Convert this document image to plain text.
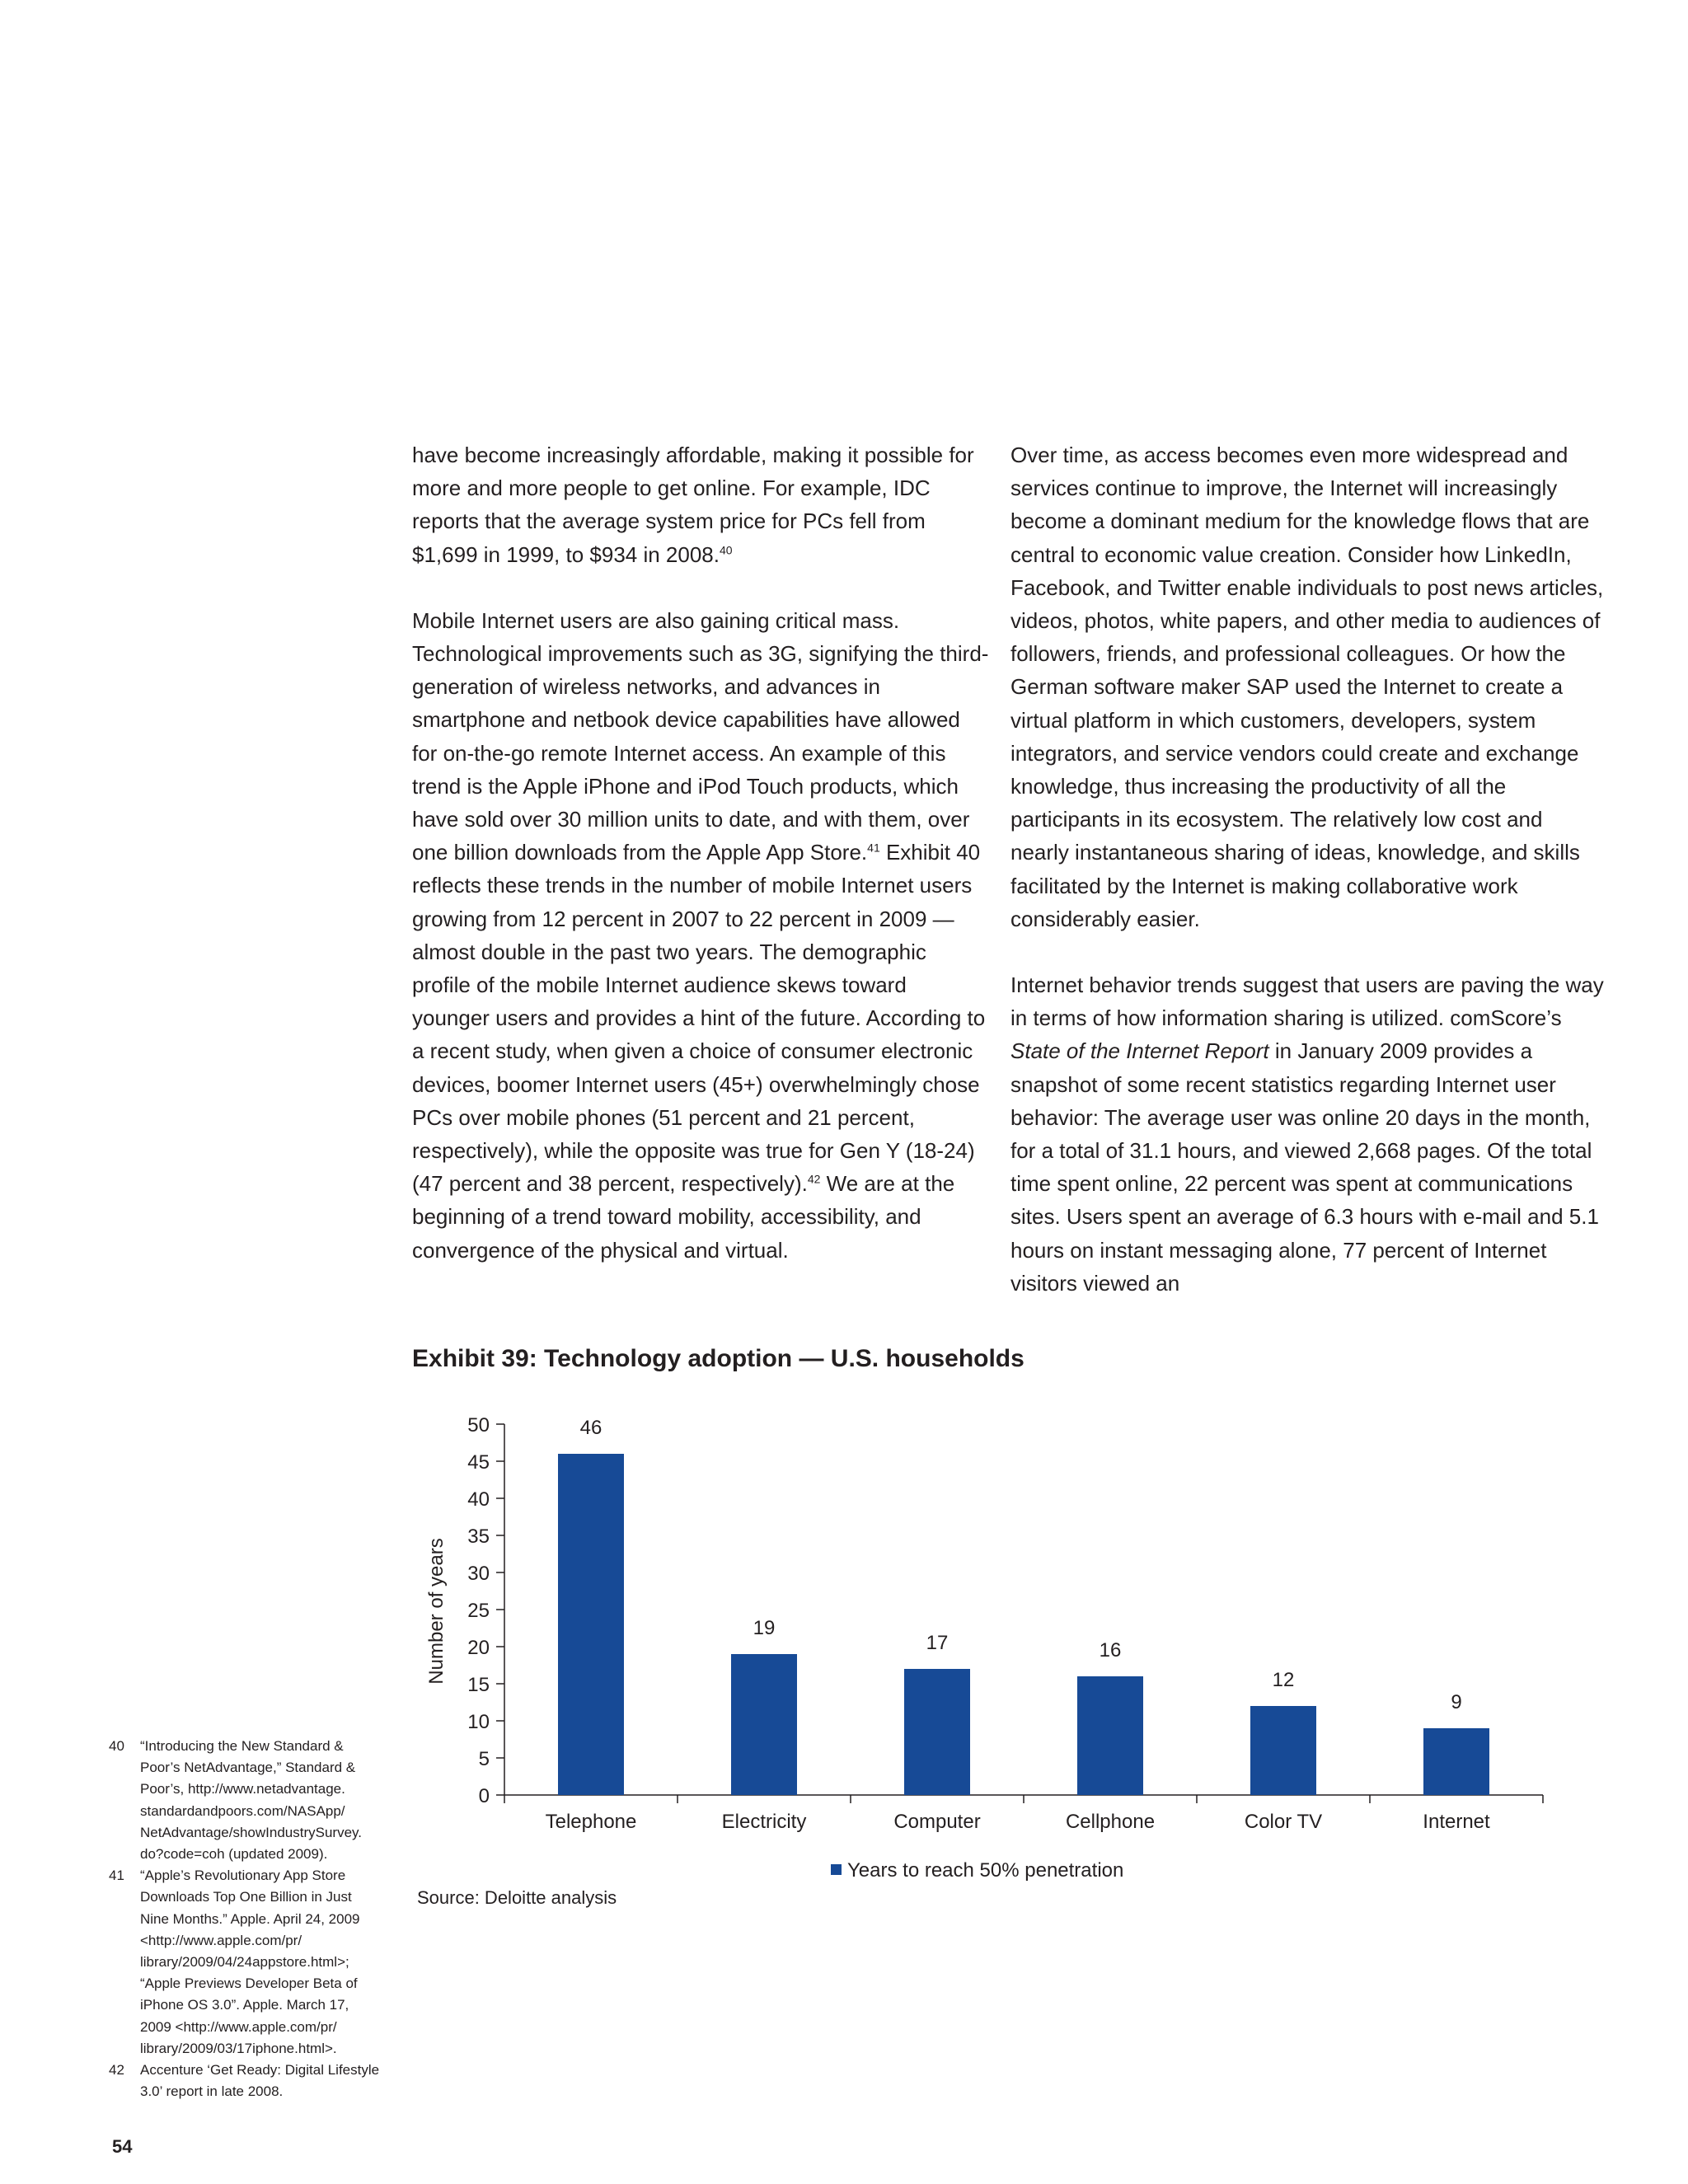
have become increasingly affordable, making it possible for more and more people to get online. For example, IDC reports that the average system price for PCs fell from $1,699 in 1999, to $934 in 2008.40

Mobile Internet users are also gaining critical mass. Technological improvements such as 3G, signifying the third-generation of wireless networks, and advances in smartphone and netbook device capabilities have allowed for on-the-go remote Internet access. An example of this trend is the Apple iPhone and iPod Touch products, which have sold over 30 million units to date, and with them, over one billion downloads from the Apple App Store.$^{41}$ Exhibit 40 reflects these trends in the number of mobile Internet users growing from 12 percent in 2007 to 22 percent in 2009 — almost double in the past two years. The demographic profile of the mobile Internet audience skews toward younger users and provides a hint of the future. According to a recent study, when given a choice of consumer electronic devices, boomer Internet users (45+) overwhelmingly chose PCs over mobile phones (51 percent and 21 percent, respectively), while the opposite was true for Gen Y (18-24) (47 percent and 38 percent, respectively).$^{42}$ We are at the beginning of a trend toward mobility, accessibility, and convergence of the physical and virtual.

Over time, as access becomes even more widespread and services continue to improve, the Internet will increasingly become a dominant medium for the knowledge flows that are central to economic value creation. Consider how LinkedIn, Facebook, and Twitter enable individuals to post news articles, videos, photos, white papers, and other media to audiences of followers, friends, and professional colleagues. Or how the German software maker SAP used the Internet to create a virtual platform in which customers, developers, system integrators, and service vendors could create and exchange knowledge, thus increasing the productivity of all the participants in its ecosystem. The relatively low cost and nearly instantaneous sharing of ideas, knowledge, and skills facilitated by the Internet is making collaborative work considerably easier.

Internet behavior trends suggest that users are paving the way in terms of how information sharing is utilized. comScore’s State of the Internet Report in January 2009 provides a snapshot of some recent statistics regarding Internet user behavior: The average user was online 20 days in the month, for a total of 31.1 hours, and viewed 2,668 pages. Of the total time spent online, 22 percent was spent at communications sites. Users spent an average of 6.3 hours with e-mail and 5.1 hours on instant messaging alone, 77 percent of Internet visitors viewed an

Exhibit 39: Technology adoption — U.S. households
0
5
10
15
20
25
30
35
40
45
50	46
Telephone
19
Electricity
17
Computer
16
Cellphone
12
Color TV
9
Internet
Number of years
Years to reach 50% penetration
Source: Deloitte analysis
40 “Introducing the New Standard & Poor’s NetAdvantage,” Standard & Poor’s, http://www.netadvantage. standardandpoors.com/NASApp/ NetAdvantage/showIndustrySurvey. do?code=coh (updated 2009).
41 “Apple’s Revolutionary App Store Downloads Top One Billion in Just Nine Months.” Apple. April 24, 2009 <http://www.apple.com/pr/ library/2009/04/24appstore.html>; “Apple Previews Developer Beta of iPhone OS 3.0”. Apple. March 17, 2009 <http://www.apple.com/pr/ library/2009/03/17iphone.html>.
42 Accenture ‘Get Ready: Digital Lifestyle 3.0’ report in late 2008.
54
